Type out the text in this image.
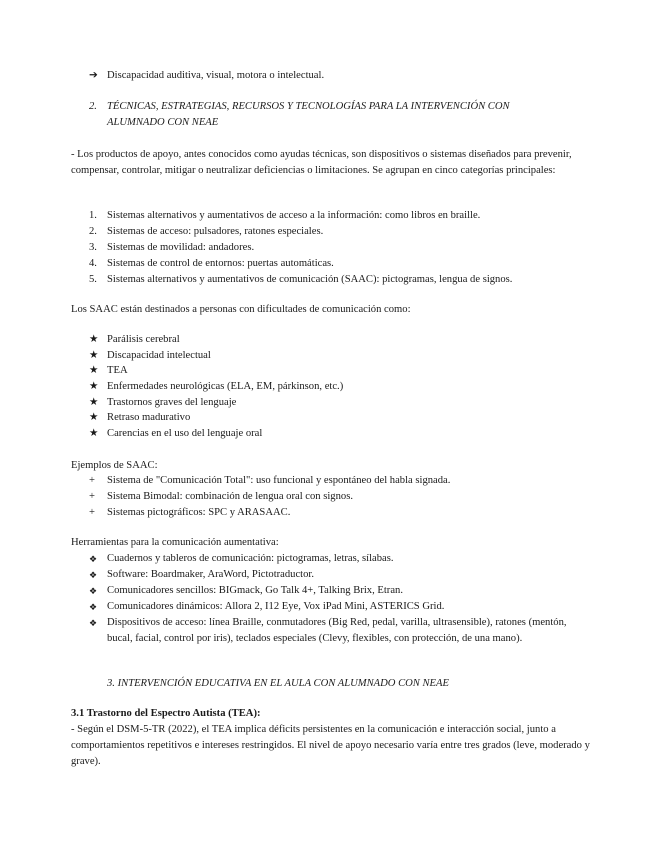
➔ Discapacidad auditiva, visual, motora o intelectual.
2. TÉCNICAS, ESTRATEGIAS, RECURSOS Y TECNOLOGÍAS PARA LA INTERVENCIÓN CON ALUMNADO CON NEAE
- Los productos de apoyo, antes conocidos como ayudas técnicas, son dispositivos o sistemas diseñados para prevenir, compensar, controlar, mitigar o neutralizar deficiencias o limitaciones. Se agrupan en cinco categorías principales:
1. Sistemas alternativos y aumentativos de acceso a la información: como libros en braille.
2. Sistemas de acceso: pulsadores, ratones especiales.
3. Sistemas de movilidad: andadores.
4. Sistemas de control de entornos: puertas automáticas.
5. Sistemas alternativos y aumentativos de comunicación (SAAC): pictogramas, lengua de signos.
Los SAAC están destinados a personas con dificultades de comunicación como:
★ Parálisis cerebral
★ Discapacidad intelectual
★ TEA
★ Enfermedades neurológicas (ELA, EM, párkinson, etc.)
★ Trastornos graves del lenguaje
★ Retraso madurativo
★ Carencias en el uso del lenguaje oral
Ejemplos de SAAC:
+ Sistema de "Comunicación Total": uso funcional y espontáneo del habla signada.
+ Sistema Bimodal: combinación de lengua oral con signos.
+ Sistemas pictográficos: SPC y ARASAAC.
Herramientas para la comunicación aumentativa:
❖ Cuadernos y tableros de comunicación: pictogramas, letras, sílabas.
❖ Software: Boardmaker, AraWord, Pictotraductor.
❖ Comunicadores sencillos: BIGmack, Go Talk 4+, Talking Brix, Etran.
❖ Comunicadores dinámicos: Allora 2, I12 Eye, Vox iPad Mini, ASTERICS Grid.
❖ Dispositivos de acceso: línea Braille, conmutadores (Big Red, pedal, varilla, ultrasensible), ratones (mentón, bucal, facial, control por iris), teclados especiales (Clevy, flexibles, con protección, de una mano).
3. INTERVENCIÓN EDUCATIVA EN EL AULA CON ALUMNADO CON NEAE
3.1 Trastorno del Espectro Autista (TEA):
- Según el DSM-5-TR (2022), el TEA implica déficits persistentes en la comunicación e interacción social, junto a comportamientos repetitivos e intereses restringidos. El nivel de apoyo necesario varía entre tres grados (leve, moderado y grave).
